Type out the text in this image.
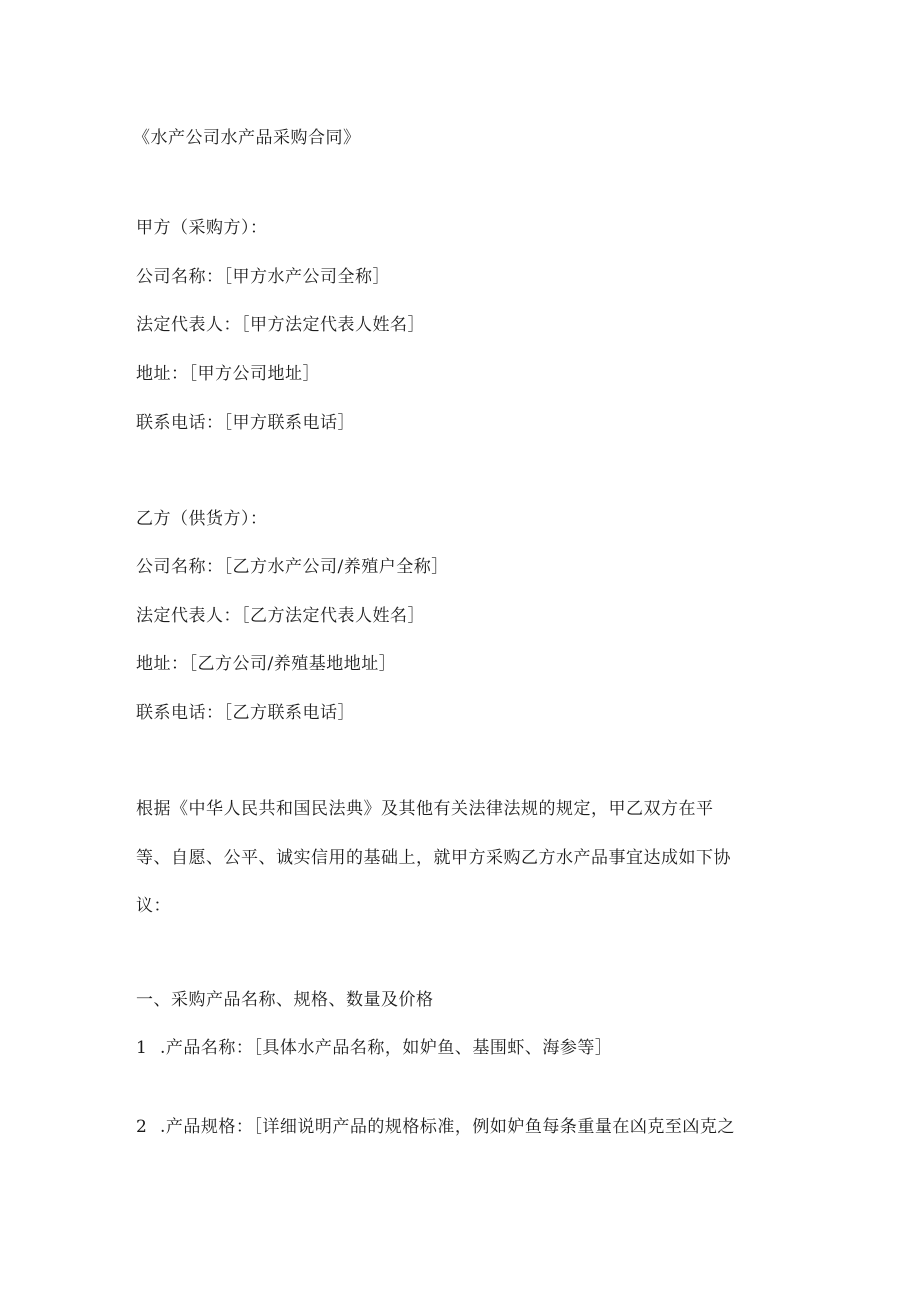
《水产公司水产品采购合同》
甲方（采购方）：
公司名称：［甲方水产公司全称］
法定代表人：［甲方法定代表人姓名］
地址：［甲方公司地址］
联系电话：［甲方联系电话］
乙方（供货方）：
公司名称：［乙方水产公司/养殖户全称］
法定代表人：［乙方法定代表人姓名］
地址：［乙方公司/养殖基地地址］
联系电话：［乙方联系电话］
根据《中华人民共和国民法典》及其他有关法律法规的规定，甲乙双方在平
等、自愿、公平、诚实信用的基础上，就甲方采购乙方水产品事宜达成如下协
议：
一、采购产品名称、规格、数量及价格
1 .产品名称：［具体水产品名称，如妒鱼、基围虾、海参等］
2 .产品规格：［详细说明产品的规格标准，例如妒鱼每条重量在凶克至凶克之
